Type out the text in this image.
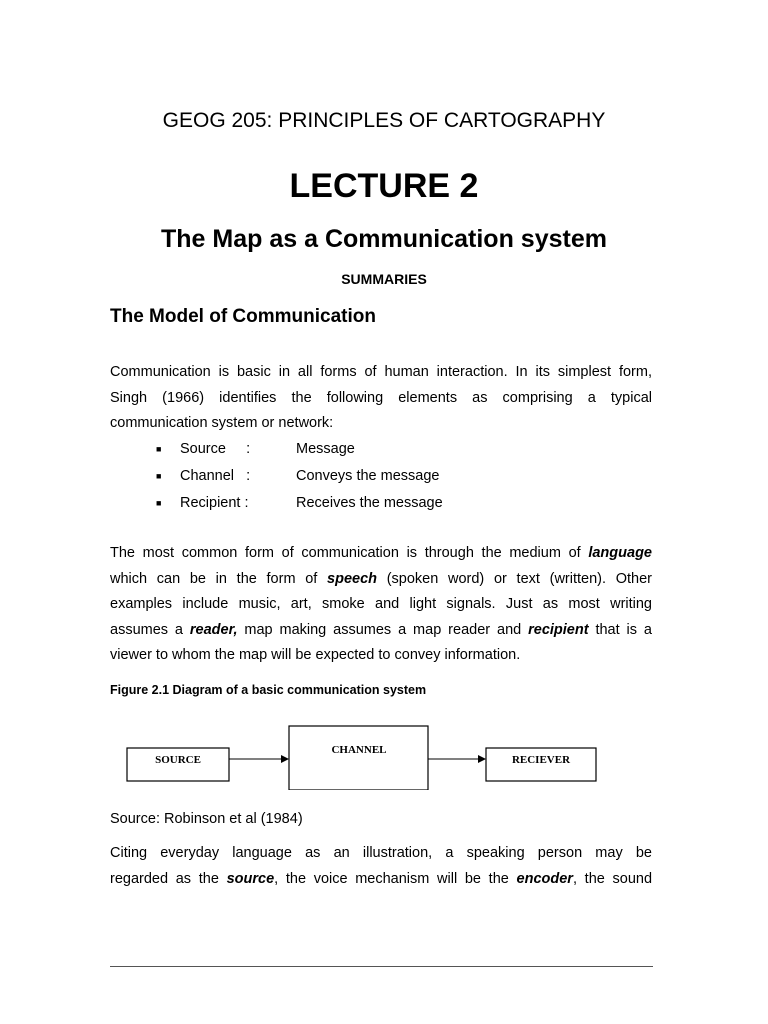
GEOG 205: PRINCIPLES OF CARTOGRAPHY
LECTURE 2
The Map as a Communication system
SUMMARIES
The Model of Communication
Communication is basic in all forms of human interaction. In its simplest form,
Singh (1966) identifies the following elements as comprising a typical
communication system or network:
■	Source :	Message
■	Channel :	Conveys the message
■	Recipient :	Receives the message
The most common form of communication is through the medium of language
which can be in the form of speech (spoken word) or text (written). Other
examples include music, art, smoke and light signals. Just as most writing
assumes a reader, map making assumes a map reader and recipient that is a
viewer to whom the map will be expected to convey information.
Figure 2.1 Diagram of a basic communication system
SOURCE
CHANNEL
RECIEVER
Source: Robinson et al (1984)
Citing everyday language as an illustration, a speaking person may be
regarded as the source, the voice mechanism will be the encoder, the sound
